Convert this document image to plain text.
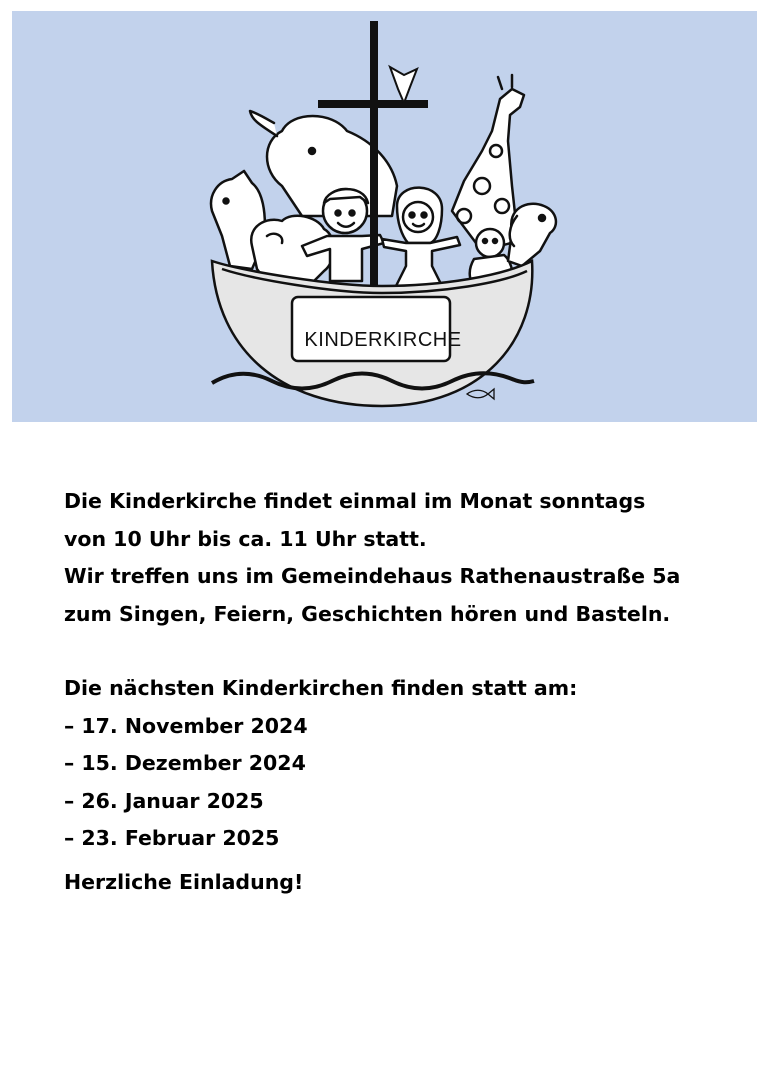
KINDERKIRCHE

Die Kinderkirche findet einmal im Monat sonntags

von 10 Uhr bis ca. 11 Uhr statt.

Wir treffen uns im Gemeindehaus Rathenaustraße 5a

zum Singen, Feiern, Geschichten hören und Basteln.

Die nächsten Kinderkirchen finden statt am:

– 17. November 2024
– 15. Dezember 2024
– 26. Januar 2025
– 23. Februar 2025

Herzliche Einladung!
